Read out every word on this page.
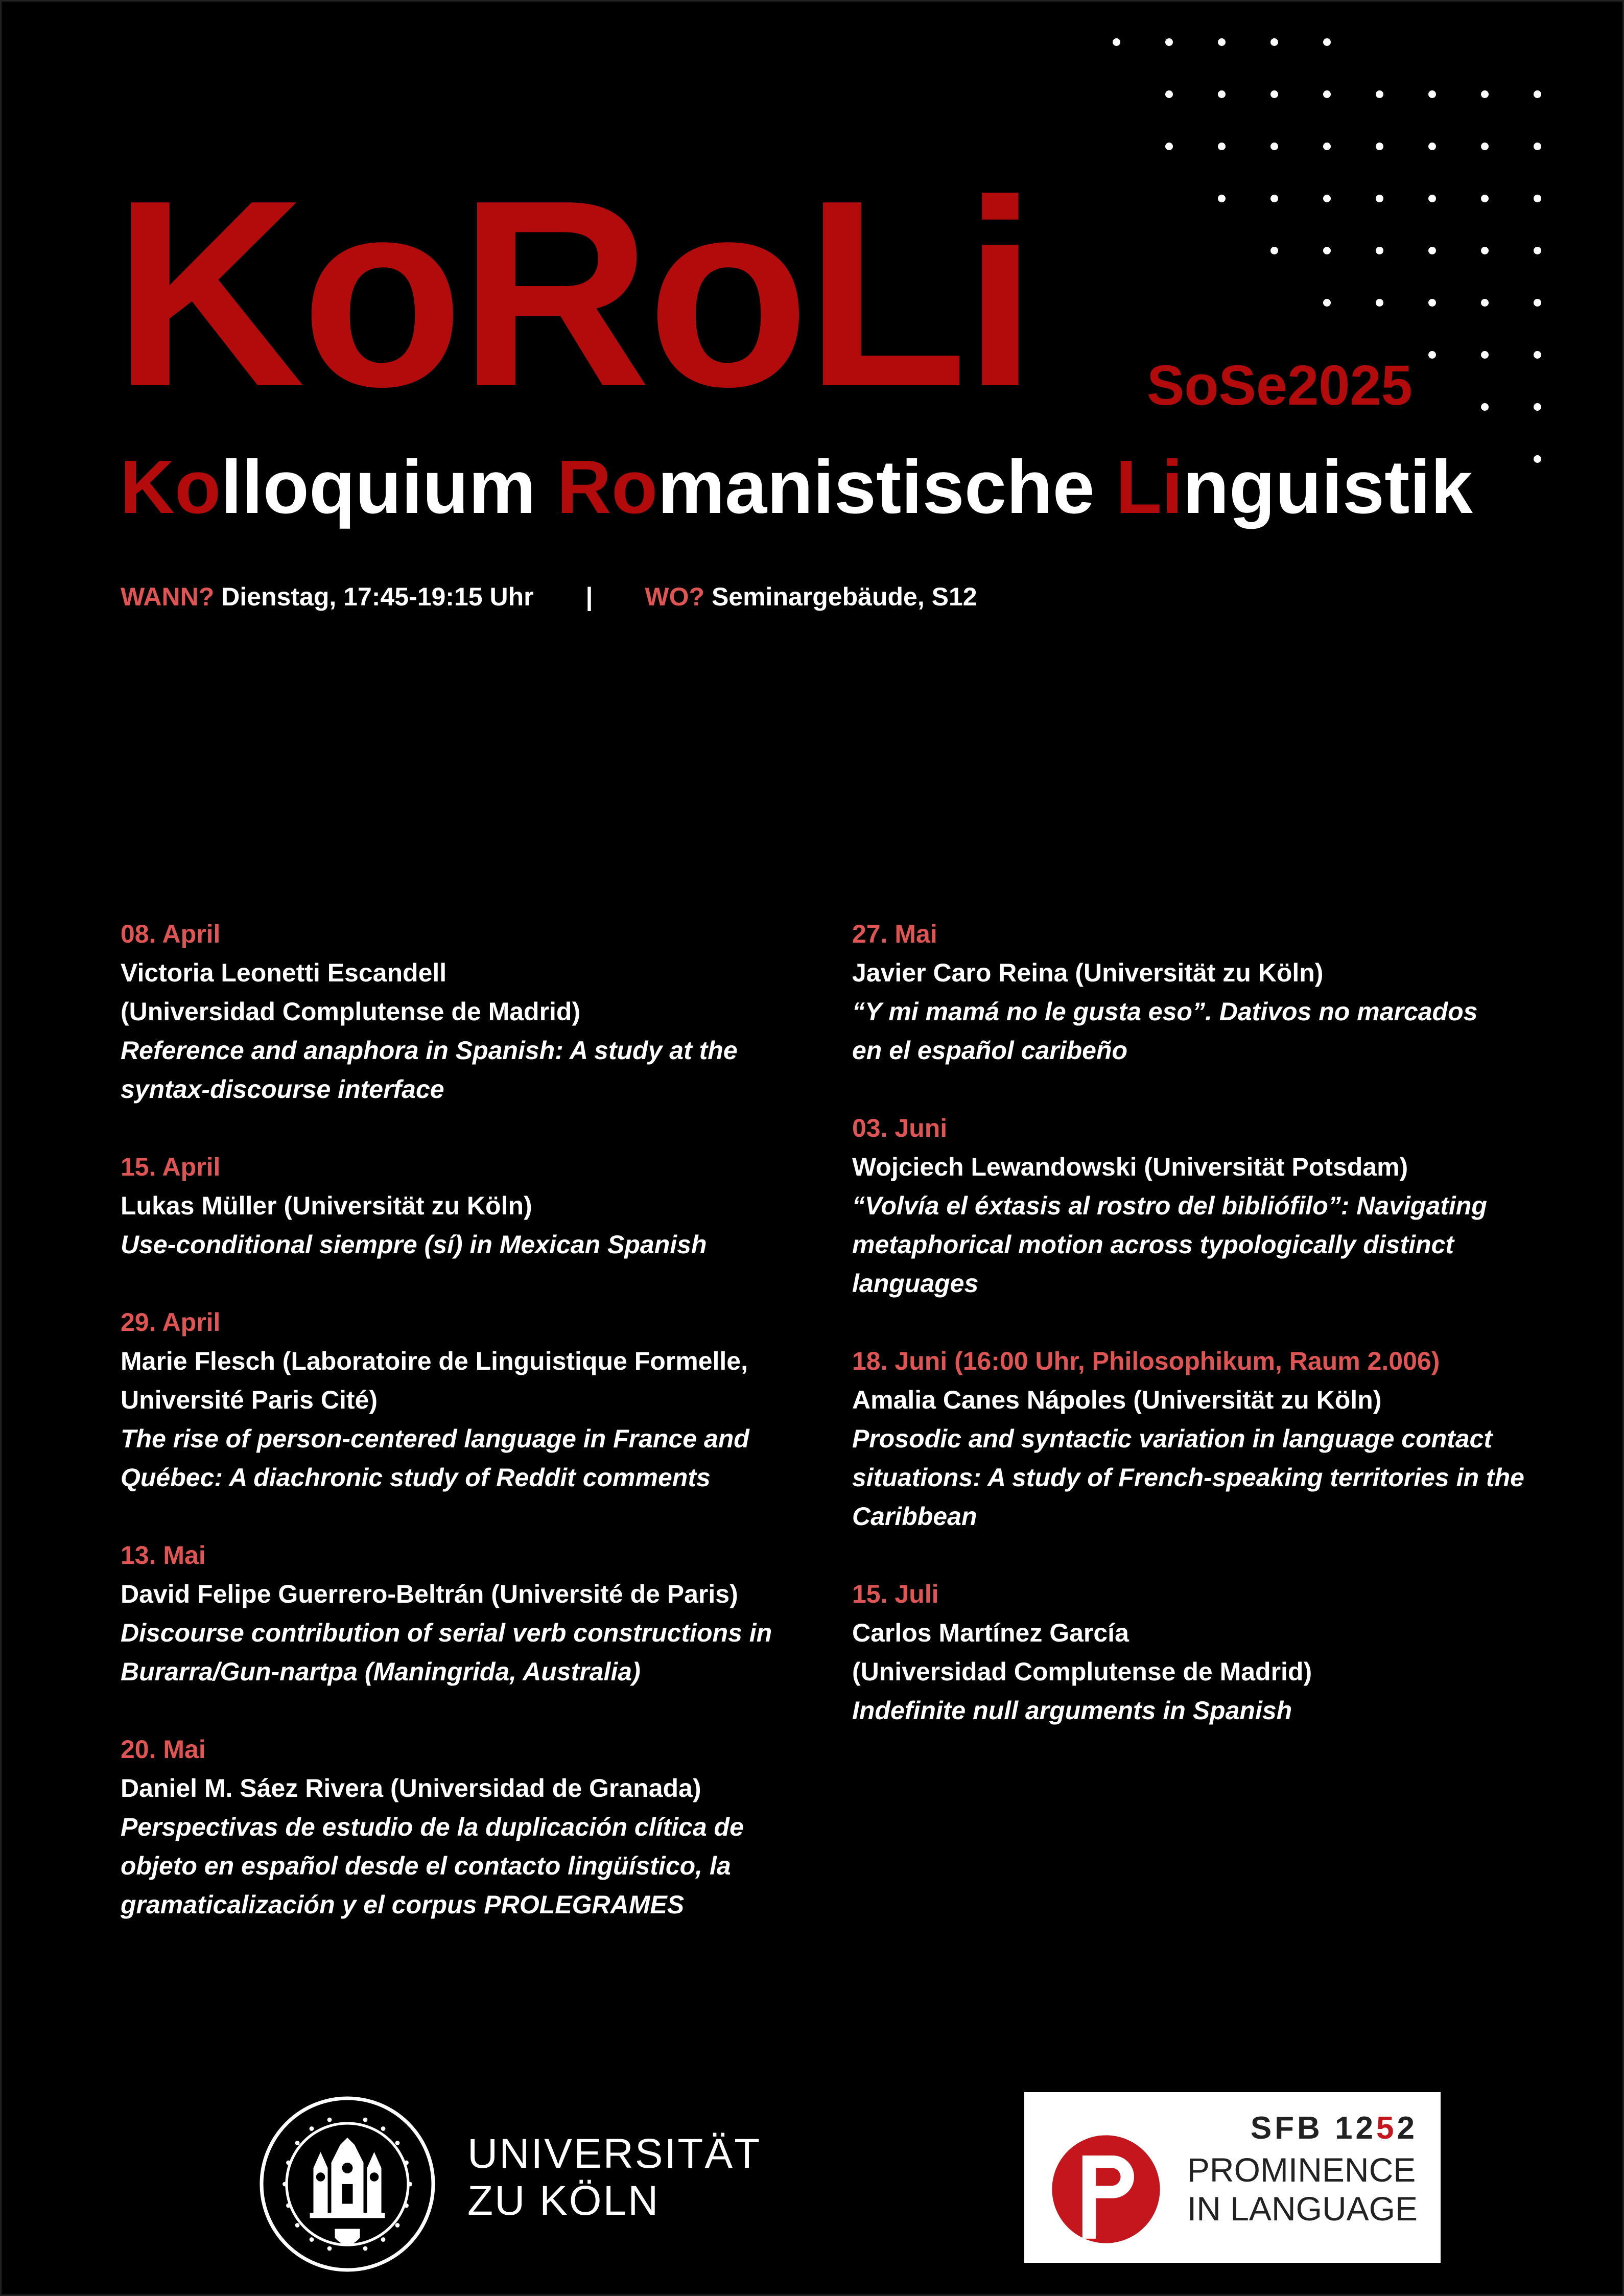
KoRoLi SoSe2025
Kolloquium Romanistische Linguistik
WANN? Dienstag, 17:45-19:15 Uhr | WO? Seminargebäude, S12
08. April
Victoria Leonetti Escandell
(Universidad Complutense de Madrid)
Reference and anaphora in Spanish: A study at the
syntax-discourse interface
15. April
Lukas Müller (Universität zu Köln)
Use-conditional siempre (sí) in Mexican Spanish
29. April
Marie Flesch (Laboratoire de Linguistique Formelle,
Université Paris Cité)
The rise of person-centered language in France and
Québec: A diachronic study of Reddit comments
13. Mai
David Felipe Guerrero-Beltrán (Université de Paris)
Discourse contribution of serial verb constructions in
Burarra/Gun-nartpa (Maningrida, Australia)
20. Mai
Daniel M. Sáez Rivera (Universidad de Granada)
Perspectivas de estudio de la duplicación clítica de
objeto en español desde el contacto lingüístico, la
gramaticalización y el corpus PROLEGRAMES
27. Mai
Javier Caro Reina (Universität zu Köln)
“Y mi mamá no le gusta eso”. Dativos no marcados
en el español caribeño
03. Juni
Wojciech Lewandowski (Universität Potsdam)
“Volvía el éxtasis al rostro del bibliófilo”: Navigating
metaphorical motion across typologically distinct
languages
18. Juni (16:00 Uhr, Philosophikum, Raum 2.006)
Amalia Canes Nápoles (Universität zu Köln)
Prosodic and syntactic variation in language contact
situations: A study of French-speaking territories in the
Caribbean
15. Juli
Carlos Martínez García
(Universidad Complutense de Madrid)
Indefinite null arguments in Spanish
UNIVERSITÄT
ZU KÖLN
SFB 1252
PROMINENCE
IN LANGUAGE
